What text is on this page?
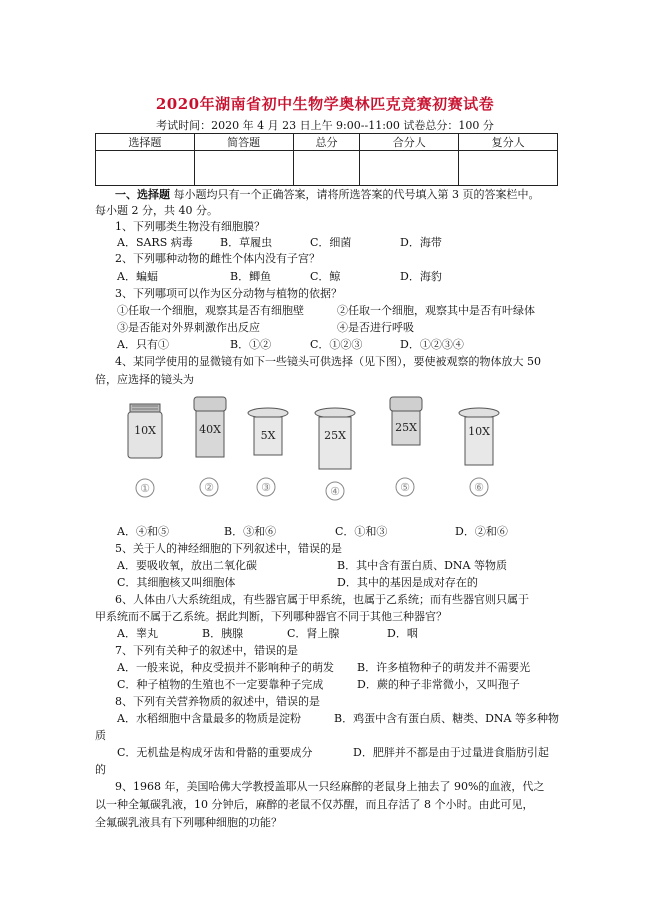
2020年湖南省初中生物学奥林匹克竞赛初赛试卷
考试时间：2020 年 4 月 23 日上午 9:00--11:00 试卷总分：100 分
选择题	简答题	总分	合分人	复分人

一、选择题 每小题均只有一个正确答案，请将所选答案的代号填入第 3 页的答案栏中。
每小题 2 分，共 40 分。
1、下列哪类生物没有细胞膜？
A．SARS 病毒 B．草履虫	C．细菌	D．海带
2、下列哪种动物的雌性个体内没有子宫？
A．蝙蝠	B．鲫鱼	C．鲸	D．海豹
3、下列哪项可以作为区分动物与植物的依据？
①任取一个细胞，观察其是否有细胞壁	②任取一个细胞，观察其中是否有叶绿体
③是否能对外界刺激作出反应	④是否进行呼吸
A．只有①	B．①②	C．①②③	D．①②③④
4、某同学使用的显微镜有如下一些镜头可供选择（见下图），要使被观察的物体放大 50
倍，应选择的镜头为
10X
①
40X
②
5X
③
25X
④
25X
⑤
10X
⑥
A．④和⑤	B．③和⑥	C．①和③	D．②和⑥
5、关于人的神经细胞的下列叙述中，错误的是
A．要吸收氧，放出二氧化碳	B．其中含有蛋白质、DNA 等物质
C．其细胞核又叫细胞体	D．其中的基因是成对存在的
6、人体由八大系统组成，有些器官属于甲系统，也属于乙系统；而有些器官则只属于
甲系统而不属于乙系统。据此判断，下列哪种器官不同于其他三种器官？
A．睾丸	B．胰腺	C．肾上腺	D．咽
7、下列有关种子的叙述中，错误的是
A．一般来说，种皮受损并不影响种子的萌发 B．许多植物种子的萌发并不需要光
C．种子植物的生殖也不一定要靠种子完成	D．蕨的种子非常微小，又叫孢子
8、下列有关营养物质的叙述中，错误的是
A．水稻细胞中含量最多的物质是淀粉	B．鸡蛋中含有蛋白质、糖类、DNA 等多种物
质
C．无机盐是构成牙齿和骨骼的重要成分	D．肥胖并不都是由于过量进食脂肪引起
的
9、1968 年，美国哈佛大学教授盖耶从一只经麻醉的老鼠身上抽去了 90%的血液，代之
以一种全氟碳乳液，10 分钟后，麻醉的老鼠不仅苏醒，而且存活了 8 个小时。由此可见，
全氟碳乳液具有下列哪种细胞的功能？
